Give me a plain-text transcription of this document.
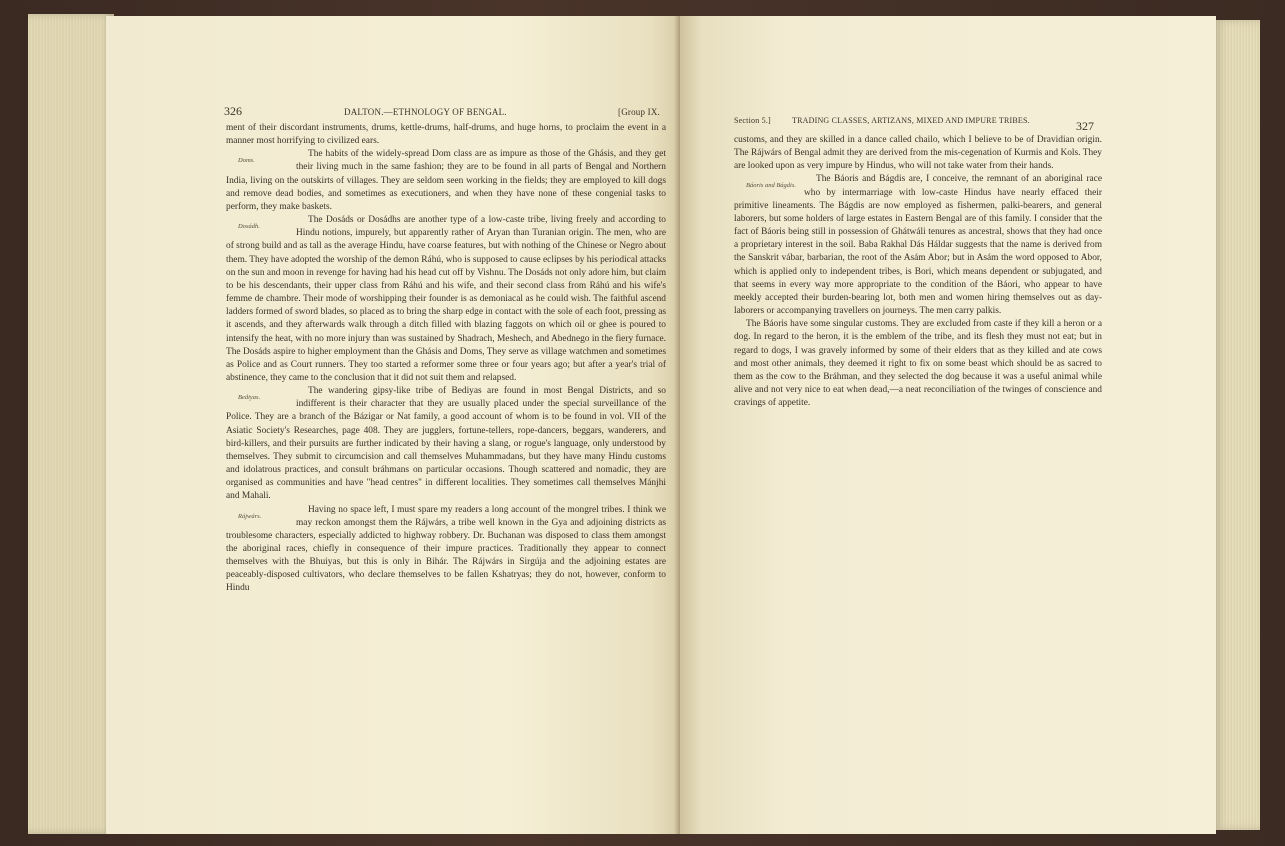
326	DALTON.—ETHNOLOGY OF BENGAL.	[Group IX.

ment of their discordant instruments, drums, kettle-drums, half-drums, and huge horns, to proclaim the event in a manner most horrifying to civilized ears.

Doms.
The habits of the widely-spread Dom class are as impure as those of the Ghásis, and they get their living much in the same fashion; they are to be found in all parts of Bengal and Northern India, living on the outskirts of villages. They are seldom seen working in the fields; they are employed to kill dogs and remove dead bodies, and sometimes as executioners, and when they have none of these congenial tasks to perform, they make baskets.

Dosádh.
The Dosáds or Dosádhs are another type of a low-caste tribe, living freely and according to Hindu notions, impurely, but apparently rather of Aryan than Turanian origin. The men, who are of strong build and as tall as the average Hindu, have coarse features, but with nothing of the Chinese or Negro about them. They have adopted the worship of the demon Ráhú, who is supposed to cause eclipses by his periodical attacks on the sun and moon in revenge for having had his head cut off by Vishnu. The Dosáds not only adore him, but claim to be his descendants, their upper class from Ráhú and his wife, and their second class from Ráhú and his wife's femme de chambre. Their mode of worshipping their founder is as demoniacal as he could wish. The faithful ascend ladders formed of sword blades, so placed as to bring the sharp edge in contact with the sole of each foot, pressing as it ascends, and they afterwards walk through a ditch filled with blazing faggots on which oil or ghee is poured to intensify the heat, with no more injury than was sustained by Shadrach, Meshech, and Abednego in the fiery furnace. The Dosáds aspire to higher employment than the Ghásis and Doms, They serve as village watchmen and sometimes as Police and as Court runners. They too started a reformer some three or four years ago; but after a year's trial of abstinence, they came to the conclusion that it did not suit them and relapsed.

Bediyas.
The wandering gipsy-like tribe of Bediyas are found in most Bengal Districts, and so indifferent is their character that they are usually placed under the special surveillance of the Police. They are a branch of the Bázigar or Nat family, a good account of whom is to be found in vol. VII of the Asiatic Society's Researches, page 408. They are jugglers, fortune-tellers, rope-dancers, beggars, wanderers, and bird-killers, and their pursuits are further indicated by their having a slang, or rogue's language, only understood by themselves. They submit to circumcision and call themselves Muhammadans, but they have many Hindu customs and idolatrous practices, and consult bráhmans on particular occasions. Though scattered and nomadic, they are organised as communities and have "head centres" in different localities. They sometimes call themselves Mánjhi and Mahali.

Rájwárs.
Having no space left, I must spare my readers a long account of the mongrel tribes. I think we may reckon amongst them the Rájwárs, a tribe well known in the Gya and adjoining districts as troublesome characters, especially addicted to highway robbery. Dr. Buchanan was disposed to class them amongst the aboriginal races, chiefly in consequence of their impure practices. Traditionally they appear to connect themselves with the Bhuiyas, but this is only in Bihár. The Rájwárs in Sirgúja and the adjoining estates are peaceably-disposed cultivators, who declare themselves to be fallen Kshatryas; they do not, however, conform to Hindu

Section 5.]	TRADING CLASSES, ARTIZANS, MIXED AND IMPURE TRIBES.	327

customs, and they are skilled in a dance called chailo, which I believe to be of Dravidian origin. The Rájwárs of Bengal admit they are derived from the mis-cegenation of Kurmis and Kols. They are looked upon as very impure by Hindus, who will not take water from their hands.

Báoris and Bágdis.
The Báoris and Bágdis are, I conceive, the remnant of an aboriginal race who by intermarriage with low-caste Hindus have nearly effaced their primitive lineaments. The Bágdis are now employed as fishermen, palki-bearers, and general laborers, but some holders of large estates in Eastern Bengal are of this family. I consider that the fact of Báoris being still in possession of Ghátwáli tenures as ancestral, shows that they had once a proprietary interest in the soil. Baba Rakhal Dás Háldar suggests that the name is derived from the Sanskrit vábar, barbarian, the root of the Asám Abor; but in Asám the word opposed to Abor, which is applied only to independent tribes, is Bori, which means dependent or subjugated, and that seems in every way more appropriate to the condition of the Báori, who appear to have meekly accepted their burden-bearing lot, both men and women hiring themselves out as day-laborers or accompanying travellers on journeys. The men carry palkis.

The Báoris have some singular customs. They are excluded from caste if they kill a heron or a dog. In regard to the heron, it is the emblem of the tribe, and its flesh they must not eat; but in regard to dogs, I was gravely informed by some of their elders that as they killed and ate cows and most other animals, they deemed it right to fix on some beast which should be as sacred to them as the cow to the Bráhman, and they selected the dog because it was a useful animal while alive and not very nice to eat when dead,—a neat reconciliation of the twinges of conscience and cravings of appetite.
